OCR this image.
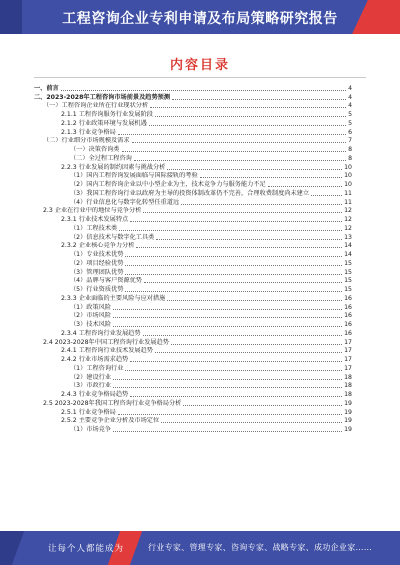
工程咨询企业专利申请及布局策略研究报告
内容目录
一、前言	4
二、2023-2028年工程咨询市场前景及趋势预测	4
（一）工程咨询企业所在行业现状分析	4
2.1.1 工程咨询服务行业发展阶段	5
2.1.2 行业政策环境与发展机遇	5
2.1.3 行业竞争格局	6
（二）行业细分市场规模及需求	7
（一）决策咨询类	8
（二）全过程工程咨询	8
2.2.3 行业发展的制约因素与挑战分析	10
（1）国内工程咨询发展面临与国际接轨的考验	10
（2）国内工程咨询企业以中小型企业为主，技术竞争力与服务能力不足	10
（3）我国工程咨询行业以政府为主导的投资体制改革仍不完善，合理收费制度尚未建立	11
（4）行业信息化与数字化转型任重道远	11
2.3 企业在行业中的地位与竞争分析	12
2.3.1 行业技术发展特点	12
（1）工程技术类	12
（2）信息技术与数字化工具类	13
2.3.2 企业核心竞争力分析	14
（1）专业技术优势	14
（2）项目经验优势	15
（3）管理团队优势	15
（4）品牌与客户资源优势	15
（5）行业资质优势	15
2.3.3 企业面临的主要风险与应对措施	16
（1）政策风险	16
（2）市场风险	16
（3）技术风险	16
2.3.4 工程咨询行业发展趋势	16
2.4 2023-2028年中国工程咨询行业发展趋势	17
2.4.1 工程咨询行业技术发展趋势	17
2.4.2 行业市场需求趋势	17
（1）工程咨询行业	17
（2）建设行业	18
（3）市政行业	18
2.4.3 行业竞争格局趋势	18
2.5 2023-2028年我国工程咨询行业竞争格局分析	19
2.5.1 行业竞争格局	19
2.5.2 主要竞争企业分析及市场定位	19
（1）市场竞争	19
让每个人都能成为	行业专家、管理专家、咨询专家、战略专家、成功企业家……
